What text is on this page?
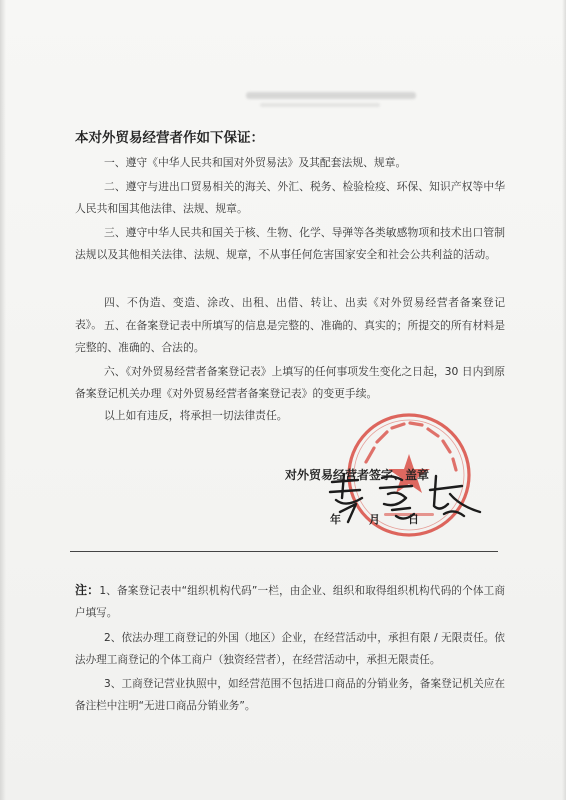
本对外贸易经营者作如下保证：
一、遵守《中华人民共和国对外贸易法》及其配套法规、规章。
二、遵守与进出口贸易相关的海关、外汇、税务、检验检疫、环保、知识产权等中华人民共和国其他法律、法规、规章。
三、遵守中华人民共和国关于核、生物、化学、导弹等各类敏感物项和技术出口管制法规以及其他相关法律、法规、规章，不从事任何危害国家安全和社会公共利益的活动。
四、不伪造、变造、涂改、出租、出借、转让、出卖《对外贸易经营者备案登记表》。 五、在备案登记表中所填写的信息是完整的、准确的、真实的；所提交的所有材料是完整的、准确的、合法的。
六、《对外贸易经营者备案登记表》上填写的任何事项发生变化之日起，30 日内到原备案登记机关办理《对外贸易经营者备案登记表》的变更手续。
以上如有违反，将承担一切法律责任。
对外贸易经营者签字、盖章
年	月	日
注：1、备案登记表中“组织机构代码”一栏，由企业、组织和取得组织机构代码的个体工商户填写。
2、依法办理工商登记的外国（地区）企业，在经营活动中，承担有限 / 无限责任。依法办理工商登记的个体工商户（独资经营者），在经营活动中，承担无限责任。
3、工商登记营业执照中，如经营范围不包括进口商品的分销业务，备案登记机关应在备注栏中注明“无进口商品分销业务”。
